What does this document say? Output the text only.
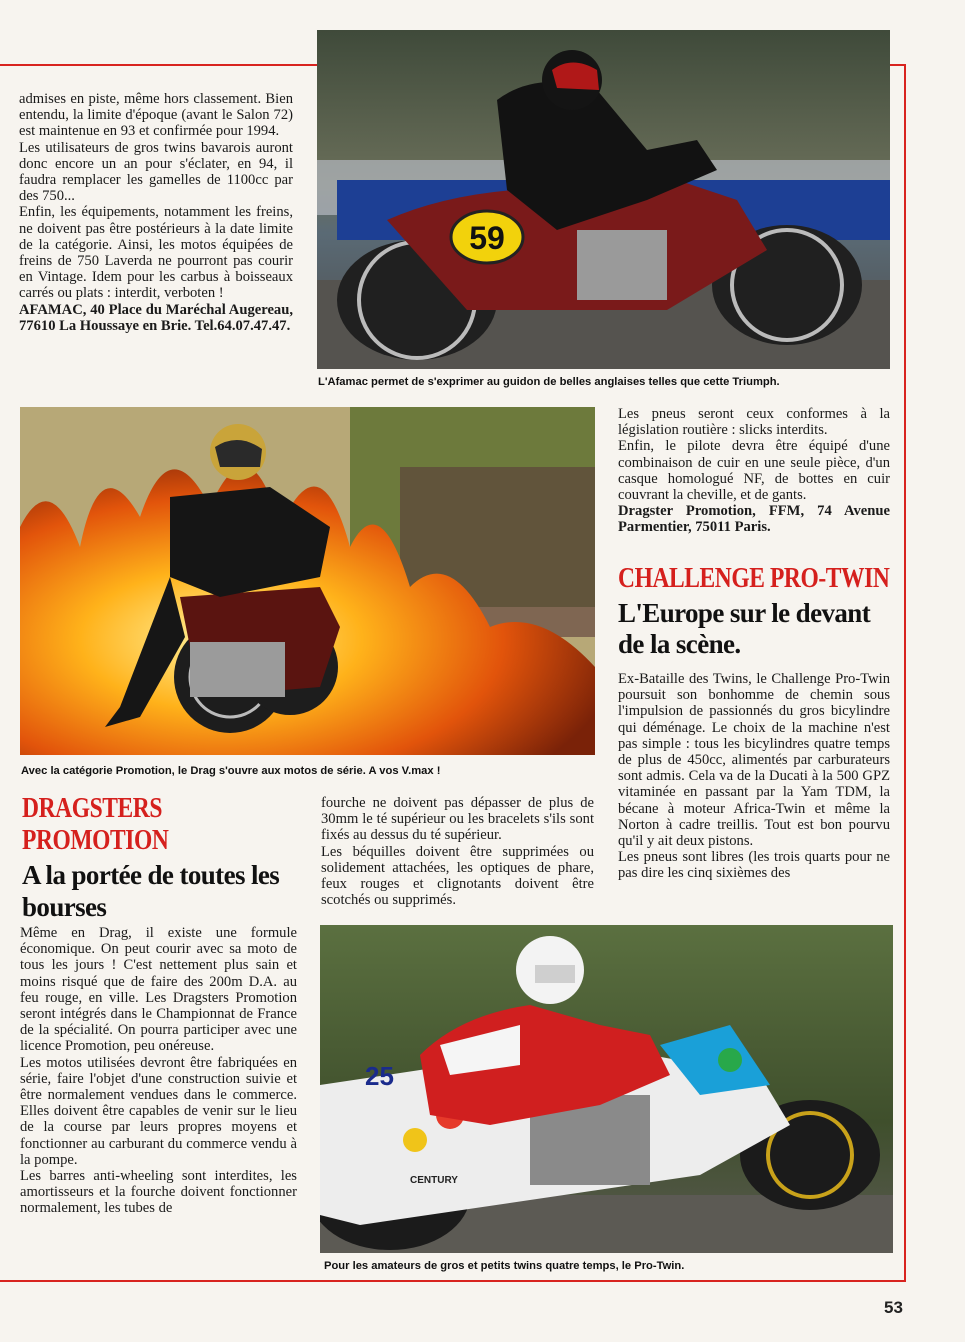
admises en piste, même hors classement. Bien entendu, la limite d'époque (avant le Salon 72) est maintenue en 93 et confirmée pour 1994.

Les utilisateurs de gros twins bavarois auront donc encore un an pour s'éclater, en 94, il faudra remplacer les gamelles de 1100cc par des 750...

Enfin, les équipements, notamment les freins, ne doivent pas être postérieurs à la date limite de la catégorie. Ainsi, les motos équipées de freins de 750 Laverda ne pourront pas courir en Vintage. Idem pour les carbus à boisseaux carrés ou plats : interdit, verboten !

AFAMAC, 40 Place du Maréchal Augereau, 77610 La Houssaye en Brie. Tel.64.07.47.47.

59

L'Afamac permet de s'exprimer au guidon de belles anglaises telles que cette Triumph.

Avec la catégorie Promotion, le Drag s'ouvre aux motos de série. A vos V.max !

Les pneus seront ceux conformes à la législation routière : slicks interdits.

Enfin, le pilote devra être équipé d'une combinaison de cuir en une seule pièce, d'un casque homologué NF, de bottes en cuir couvrant la cheville, et de gants.

Dragster Promotion, FFM, 74 Avenue Parmentier, 75011 Paris.

CHALLENGE PRO-TWIN

L'Europe sur le devant de la scène.

Ex-Bataille des Twins, le Challenge Pro-Twin poursuit son bonhomme de chemin sous l'impulsion de passionnés du gros bicylindre qui déménage. Le choix de la machine n'est pas simple : tous les bicylindres quatre temps de plus de 450cc, alimentés par carburateurs sont admis. Cela va de la Ducati à la 500 GPZ vitaminée en passant par la Yam TDM, la bécane à moteur Africa-Twin et même la Norton à cadre treillis. Tout est bon pourvu qu'il y ait deux pistons.

Les pneus sont libres (les trois quarts pour ne pas dire les cinq sixièmes des

DRAGSTERS

PROMOTION

A la portée de toutes les bourses

Même en Drag, il existe une formule économique. On peut courir avec sa moto de tous les jours ! C'est nettement plus sain et moins risqué que de faire des 200m D.A. au feu rouge, en ville. Les Dragsters Promotion seront intégrés dans le Championnat de France de la spécialité. On pourra participer avec une licence Promotion, peu onéreuse.

Les motos utilisées devront être fabriquées en série, faire l'objet d'une construction suivie et être normalement vendues dans le commerce. Elles doivent être capables de venir sur le lieu de la course par leurs propres moyens et fonctionner au carburant du commerce vendu à la pompe.

Les barres anti-wheeling sont interdites, les amortisseurs et la fourche doivent fonctionner normalement, les tubes de

fourche ne doivent pas dépasser de plus de 30mm le té supérieur ou les bracelets s'ils sont fixés au dessus du té supérieur.

Les béquilles doivent être supprimées ou solidement attachées, les optiques de phare, feux rouges et clignotants doivent être scotchés ou supprimés.

25
CENTURY

Pour les amateurs de gros et petits twins quatre temps, le Pro-Twin.

53
